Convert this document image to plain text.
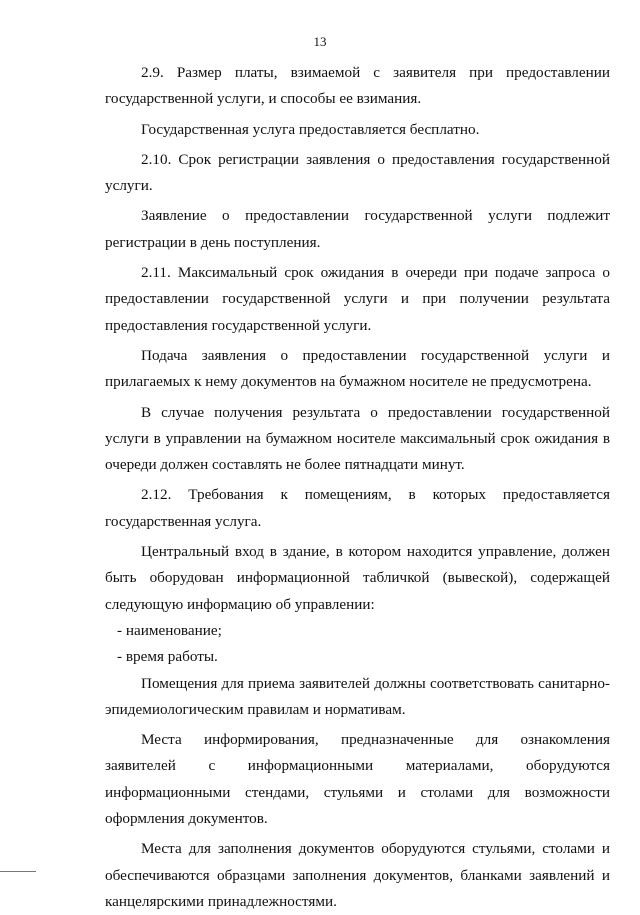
13

2.9. Размер платы, взимаемой с заявителя при предоставлении государственной услуги, и способы ее взимания.

Государственная услуга предоставляется бесплатно.

2.10. Срок регистрации заявления о предоставления государственной услуги.

Заявление о предоставлении государственной услуги подлежит регистрации в день поступления.

2.11. Максимальный срок ожидания в очереди при подаче запроса о предоставлении государственной услуги и при получении результата предоставления государственной услуги.

Подача заявления о предоставлении государственной услуги и прилагаемых к нему документов на бумажном носителе не предусмотрена.

В случае получения результата о предоставлении государственной услуги в управлении на бумажном носителе максимальный срок ожидания в очереди должен составлять не более пятнадцати минут.

2.12. Требования к помещениям, в которых предоставляется государственная услуга.

Центральный вход в здание, в котором находится управление, должен быть оборудован информационной табличкой (вывеской), содержащей следующую информацию об управлении:

- наименование;

- время работы.

Помещения для приема заявителей должны соответствовать санитарно-эпидемиологическим правилам и нормативам.

Места информирования, предназначенные для ознакомления заявителей с информационными материалами, оборудуются информационными стендами, стульями и столами для возможности оформления документов.

Места для заполнения документов оборудуются стульями, столами и обеспечиваются образцами заполнения документов, бланками заявлений и канцелярскими принадлежностями.
